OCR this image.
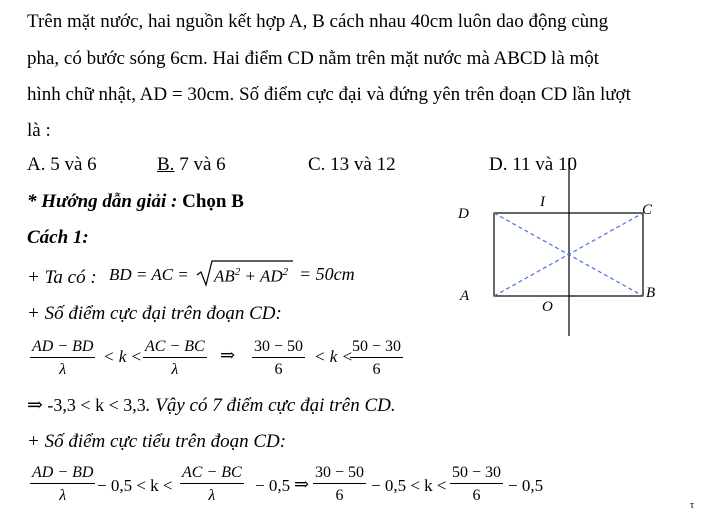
Trên mặt nước, hai nguồn kết hợp A, B cách nhau 40cm luôn dao động cùng
pha, có bước sóng 6cm. Hai điểm CD nằm trên mặt nước mà ABCD là một
hình chữ nhật, AD = 30cm. Số điểm cực đại và đứng yên trên đoạn CD lần lượt
là :
A. 5 và 6	B. 7 và 6	C. 13 và 12	D. 11 và 10
* Hướng dẫn giải : Chọn B
Cách 1:
+ Ta có : BD = AC = $AB^2 + AD^2 = 50cm$
+ Số điểm cực đại trên đoạn CD:
$\frac{AD - BD}{\lambda} < k < \frac{AC - BC}{\lambda}$ ⇒ $\frac{30 - 50}{6} < k$ <
$\frac{50 - 30}{6}$
⇒ -3,3 < k < 3,3. Vậy có 7 điểm cực đại trên CD.
+ Số điểm cực tiểu trên đoạn CD:
$\frac{AD - BD}{\lambda} - 0,5 < k < \frac{AC - BC}{\lambda} - 0,5$ ⇒ $\frac{30 - 50}{6} - 0,5 < k < \frac{50 - 30}{6} - 0,5$
I
D	C
A	B
O
τ
